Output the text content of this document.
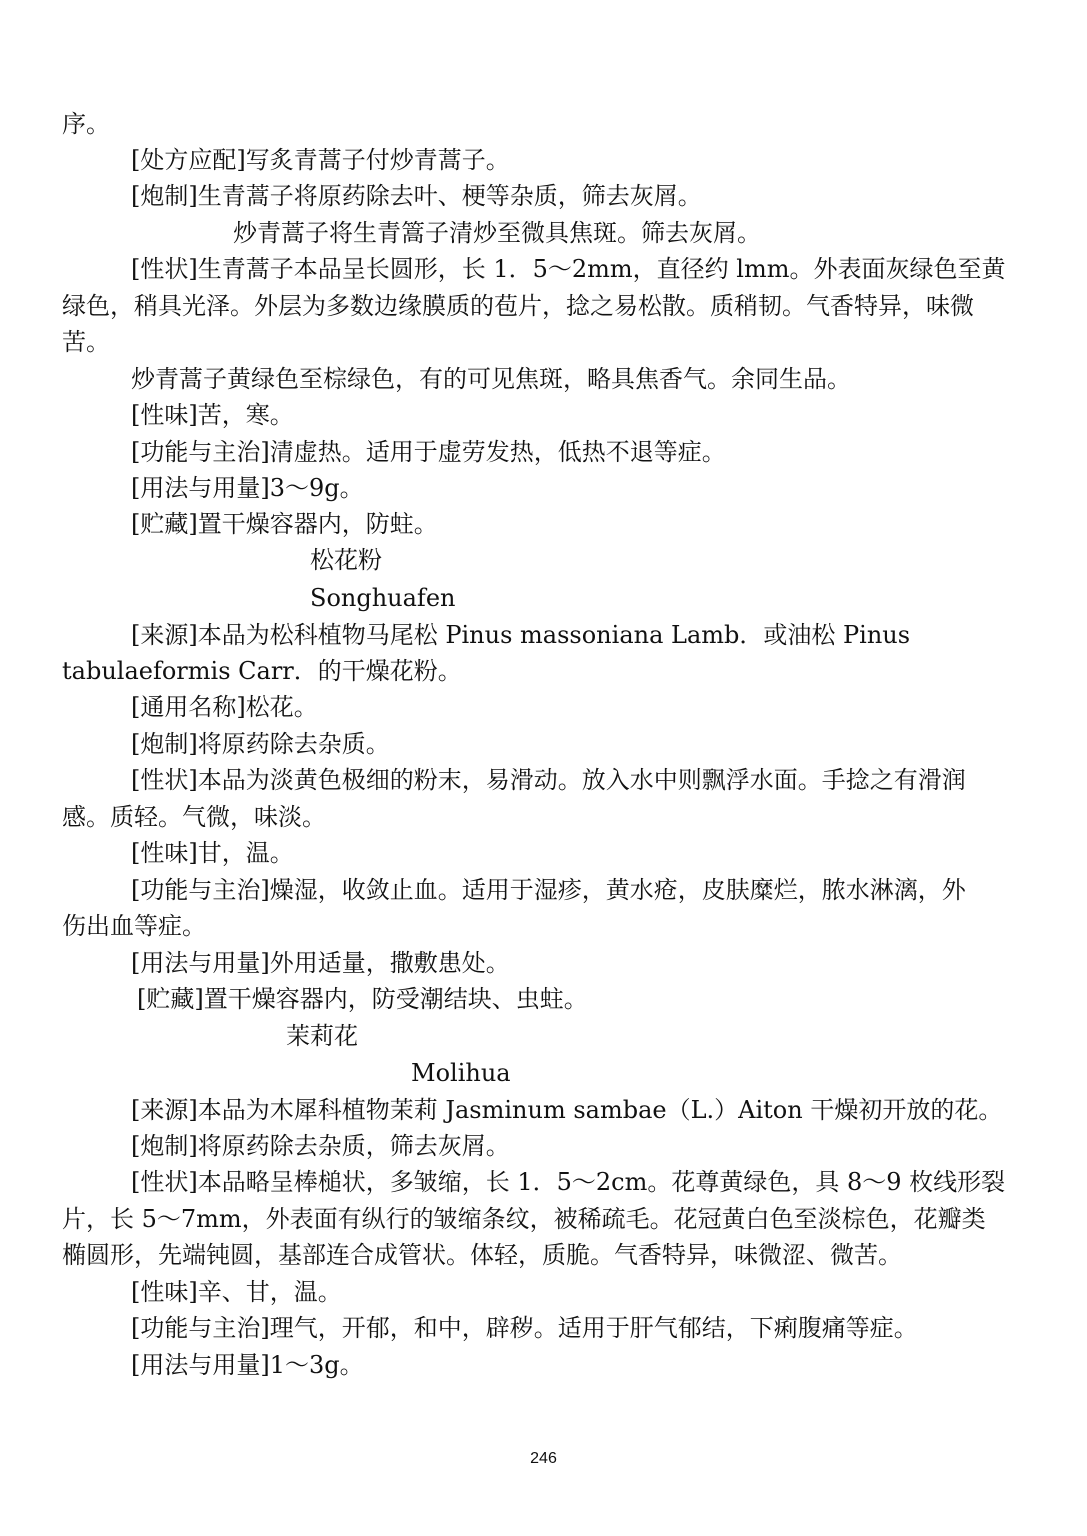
序。
[处方应配]写炙青蒿子付炒青蒿子。
[炮制]生青蒿子将原药除去叶、梗等杂质，筛去灰屑。
炒青蒿子将生青篙子清炒至微具焦斑。筛去灰屑。
[性状]生青蒿子本品呈长圆形，长 1．5～2mm，直径约 lmm。外表面灰绿色至黄
绿色，稍具光泽。外层为多数边缘膜质的苞片，捻之易松散。质稍韧。气香特异，味微
苦。
炒青蒿子黄绿色至棕绿色，有的可见焦斑，略具焦香气。余同生品。
[性味]苦，寒。
[功能与主治]清虚热。适用于虚劳发热，低热不退等症。
[用法与用量]3～9g。
[贮藏]置干燥容器内，防蛀。
松花粉
Songhuafen
[来源]本品为松科植物马尾松 Pinus massoniana Lamb．或油松 Pinus
tabulaeformis Carr．的干燥花粉。
[通用名称]松花。
[炮制]将原药除去杂质。
[性状]本品为淡黄色极细的粉末，易滑动。放入水中则飘浮水面。手捻之有滑润
感。质轻。气微，味淡。
[性味]甘，温。
[功能与主治]燥湿，收敛止血。适用于湿疹，黄水疮，皮肤糜烂，脓水淋漓，外
伤出血等症。
[用法与用量]外用适量，撒敷患处。
[贮藏]置干燥容器内，防受潮结块、虫蛀。
茉莉花
Molihua
[来源]本品为木犀科植物茉莉 Jasminum sambae（L.）Aiton 干燥初开放的花。
[炮制]将原药除去杂质，筛去灰屑。
[性状]本品略呈棒槌状，多皱缩，长 1．5～2cm。花尊黄绿色，具 8～9 枚线形裂
片，长 5～7mm，外表面有纵行的皱缩条纹，被稀疏毛。花冠黄白色至淡棕色，花瓣类
椭圆形，先端钝圆，基部连合成管状。体轻，质脆。气香特异，味微涩、微苦。
[性味]辛、甘，温。
[功能与主治]理气，开郁，和中，辟秽。适用于肝气郁结，下痢腹痛等症。
[用法与用量]1～3g。
246
